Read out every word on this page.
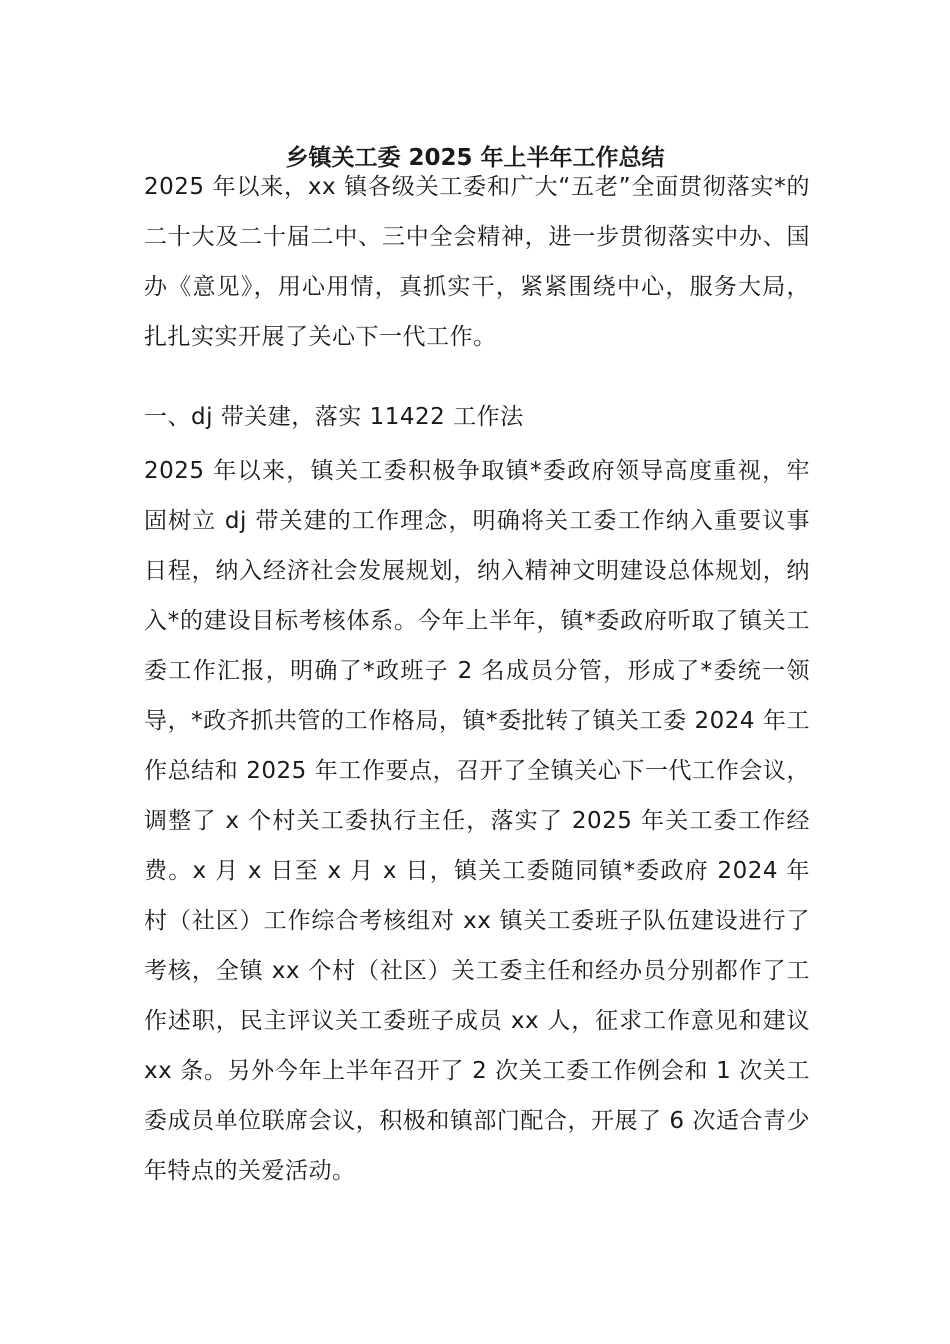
乡镇关工委 2025 年上半年工作总结

2025 年以来，xx 镇各级关工委和广大“五老”全面贯彻落实*的二十大及二十届二中、三中全会精神，进一步贯彻落实中办、国办《意见》，用心用情，真抓实干，紧紧围绕中心，服务大局，扎扎实实开展了关心下一代工作。

一、dj 带关建，落实 11422 工作法

2025 年以来，镇关工委积极争取镇*委政府领导高度重视，牢固树立 dj 带关建的工作理念，明确将关工委工作纳入重要议事日程，纳入经济社会发展规划，纳入精神文明建设总体规划，纳入*的建设目标考核体系。今年上半年，镇*委政府听取了镇关工委工作汇报，明确了*政班子 2 名成员分管，形成了*委统一领导，*政齐抓共管的工作格局，镇*委批转了镇关工委 2024 年工作总结和 2025 年工作要点，召开了全镇关心下一代工作会议，调整了 x 个村关工委执行主任，落实了 2025 年关工委工作经费。x 月 x 日至 x 月 x 日，镇关工委随同镇*委政府 2024 年村（社区）工作综合考核组对 xx 镇关工委班子队伍建设进行了考核，全镇 xx 个村（社区）关工委主任和经办员分别都作了工作述职，民主评议关工委班子成员 xx 人，征求工作意见和建议 xx 条。另外今年上半年召开了 2 次关工委工作例会和 1 次关工委成员单位联席会议，积极和镇部门配合，开展了 6 次适合青少年特点的关爱活动。
